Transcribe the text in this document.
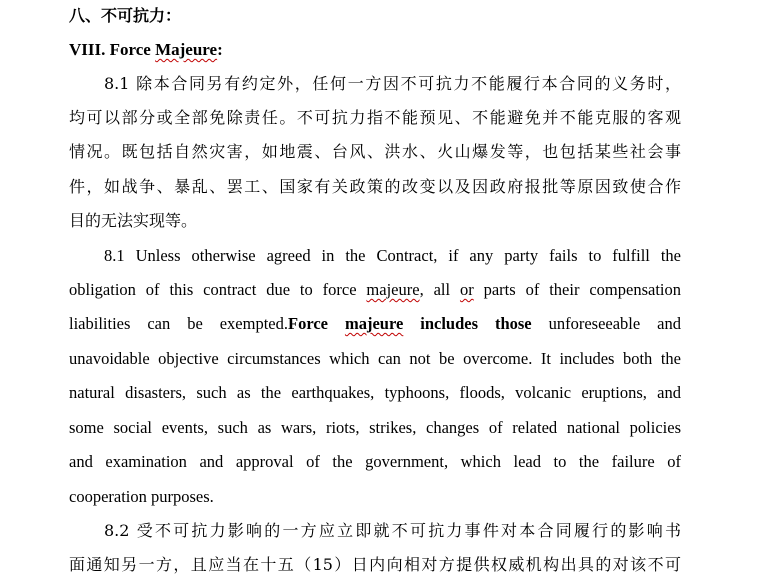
八、不可抗力：
VIII. Force Majeure:
8.1 除本合同另有约定外，任何一方因不可抗力不能履行本合同的义务时，
均可以部分或全部免除责任。不可抗力指不能预见、不能避免并不能克服的客观
情况。既包括自然灾害，如地震、台风、洪水、火山爆发等，也包括某些社会事
件，如战争、暴乱、罢工、国家有关政策的改变以及因政府报批等原因致使合作
目的无法实现等。
8.1 Unless otherwise agreed in the Contract, if any party fails to fulfill the
obligation of this contract due to force majeure, all or parts of their compensation
liabilities can be exempted.Force majeure includes those unforeseeable and
unavoidable objective circumstances which can not be overcome. It includes both the
natural disasters, such as the earthquakes, typhoons, floods, volcanic eruptions, and
some social events, such as wars, riots, strikes, changes of related national policies
and examination and approval of the government, which lead to the failure of
cooperation purposes.
8.2 受不可抗力影响的一方应立即就不可抗力事件对本合同履行的影响书
面通知另一方，且应当在十五（15）日内向相对方提供权威机构出具的对该不可
